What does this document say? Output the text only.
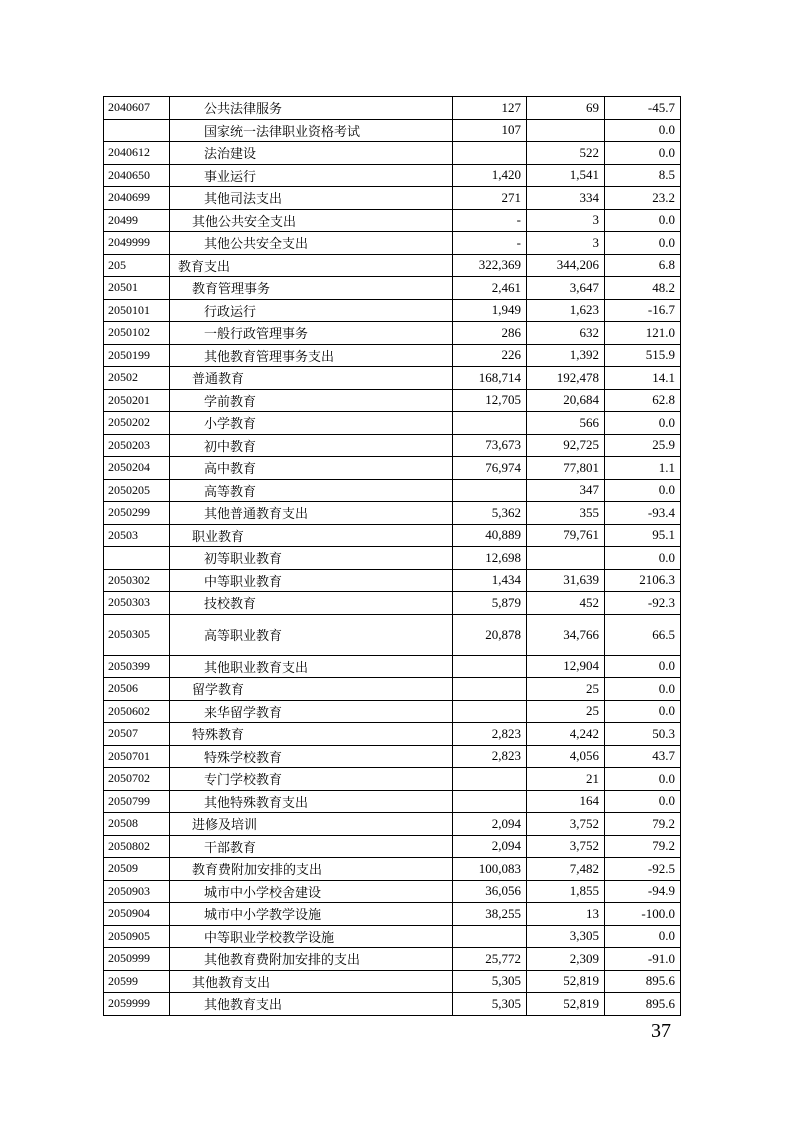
2040607	公共法律服务	127	69	-45.7
	国家统一法律职业资格考试	107		0.0
2040612	法治建设		522	0.0
2040650	事业运行	1,420	1,541	8.5
2040699	其他司法支出	271	334	23.2
20499	其他公共安全支出	-	3	0.0
2049999	其他公共安全支出	-	3	0.0
205	教育支出	322,369	344,206	6.8
20501	教育管理事务	2,461	3,647	48.2
2050101	行政运行	1,949	1,623	-16.7
2050102	一般行政管理事务	286	632	121.0
2050199	其他教育管理事务支出	226	1,392	515.9
20502	普通教育	168,714	192,478	14.1
2050201	学前教育	12,705	20,684	62.8
2050202	小学教育		566	0.0
2050203	初中教育	73,673	92,725	25.9
2050204	高中教育	76,974	77,801	1.1
2050205	高等教育		347	0.0
2050299	其他普通教育支出	5,362	355	-93.4
20503	职业教育	40,889	79,761	95.1
	初等职业教育	12,698		0.0
2050302	中等职业教育	1,434	31,639	2106.3
2050303	技校教育	5,879	452	-92.3
2050305	高等职业教育	20,878	34,766	66.5
2050399	其他职业教育支出		12,904	0.0
20506	留学教育		25	0.0
2050602	来华留学教育		25	0.0
20507	特殊教育	2,823	4,242	50.3
2050701	特殊学校教育	2,823	4,056	43.7
2050702	专门学校教育		21	0.0
2050799	其他特殊教育支出		164	0.0
20508	进修及培训	2,094	3,752	79.2
2050802	干部教育	2,094	3,752	79.2
20509	教育费附加安排的支出	100,083	7,482	-92.5
2050903	城市中小学校舍建设	36,056	1,855	-94.9
2050904	城市中小学教学设施	38,255	13	-100.0
2050905	中等职业学校教学设施		3,305	0.0
2050999	其他教育费附加安排的支出	25,772	2,309	-91.0
20599	其他教育支出	5,305	52,819	895.6
2059999	其他教育支出	5,305	52,819	895.6
37
